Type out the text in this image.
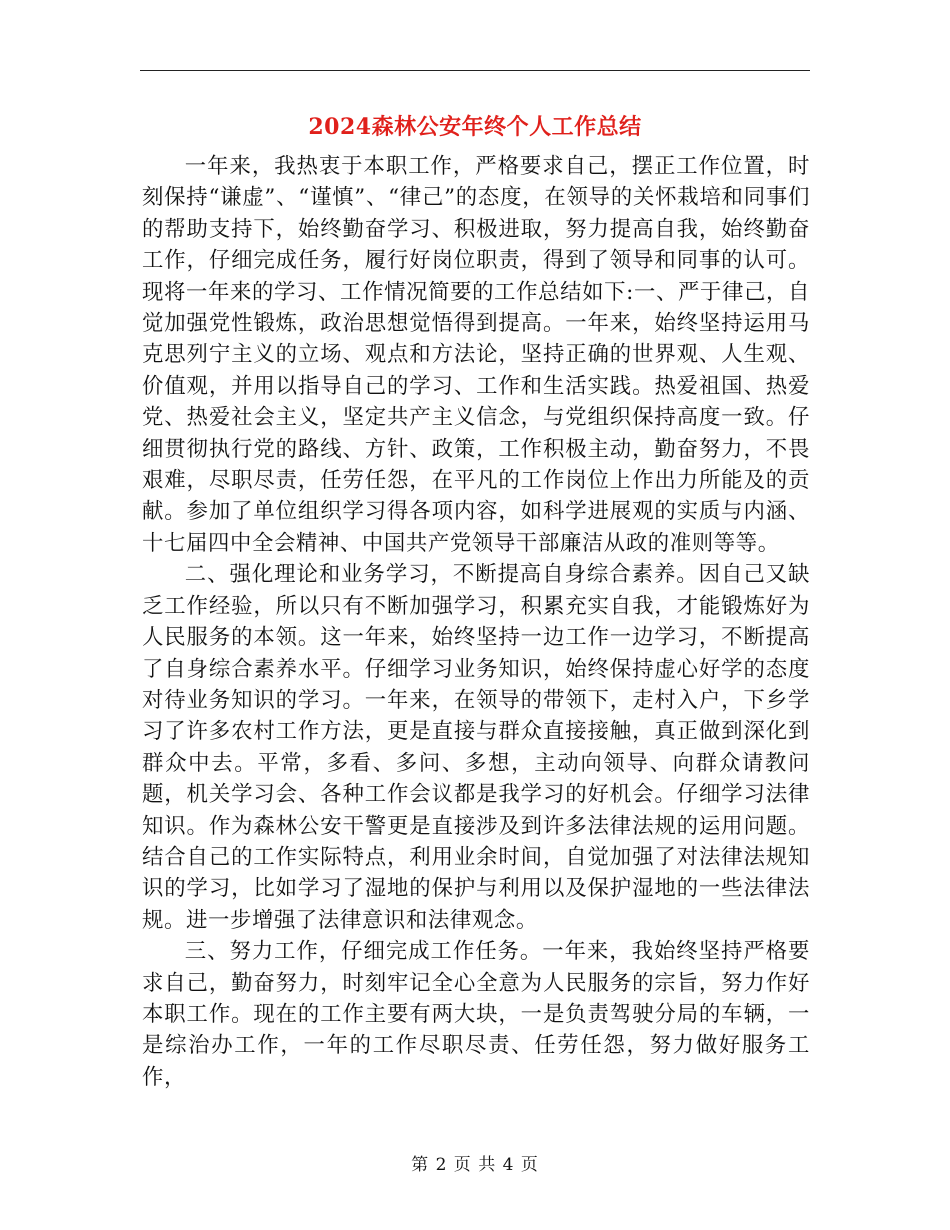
2024森林公安年终个人工作总结

一年来，我热衷于本职工作，严格要求自己，摆正工作位置，时刻保持“谦虚”、“谨慎”、“律己”的态度，在领导的关怀栽培和同事们的帮助支持下，始终勤奋学习、积极进取，努力提高自我，始终勤奋工作，仔细完成任务，履行好岗位职责，得到了领导和同事的认可。现将一年来的学习、工作情况简要的工作总结如下:一、严于律己，自觉加强党性锻炼，政治思想觉悟得到提高。一年来，始终坚持运用马克思列宁主义的立场、观点和方法论，坚持正确的世界观、人生观、价值观，并用以指导自己的学习、工作和生活实践。热爱祖国、热爱党、热爱社会主义，坚定共产主义信念，与党组织保持高度一致。仔细贯彻执行党的路线、方针、政策，工作积极主动，勤奋努力，不畏艰难，尽职尽责，任劳任怨，在平凡的工作岗位上作出力所能及的贡献。参加了单位组织学习得各项内容，如科学进展观的实质与内涵、十七届四中全会精神、中国共产党领导干部廉洁从政的准则等等。

二、强化理论和业务学习，不断提高自身综合素养。因自己又缺乏工作经验，所以只有不断加强学习，积累充实自我，才能锻炼好为人民服务的本领。这一年来，始终坚持一边工作一边学习，不断提高了自身综合素养水平。仔细学习业务知识，始终保持虚心好学的态度对待业务知识的学习。一年来，在领导的带领下，走村入户，下乡学习了许多农村工作方法，更是直接与群众直接接触，真正做到深化到群众中去。平常，多看、多问、多想，主动向领导、向群众请教问题，机关学习会、各种工作会议都是我学习的好机会。仔细学习法律知识。作为森林公安干警更是直接涉及到许多法律法规的运用问题。结合自己的工作实际特点，利用业余时间，自觉加强了对法律法规知识的学习，比如学习了湿地的保护与利用以及保护湿地的一些法律法规。进一步增强了法律意识和法律观念。

三、努力工作，仔细完成工作任务。一年来，我始终坚持严格要求自己，勤奋努力，时刻牢记全心全意为人民服务的宗旨，努力作好本职工作。现在的工作主要有两大块，一是负责驾驶分局的车辆，一是综治办工作，一年的工作尽职尽责、任劳任怨，努力做好服务工作，

第 2 页 共 4 页
